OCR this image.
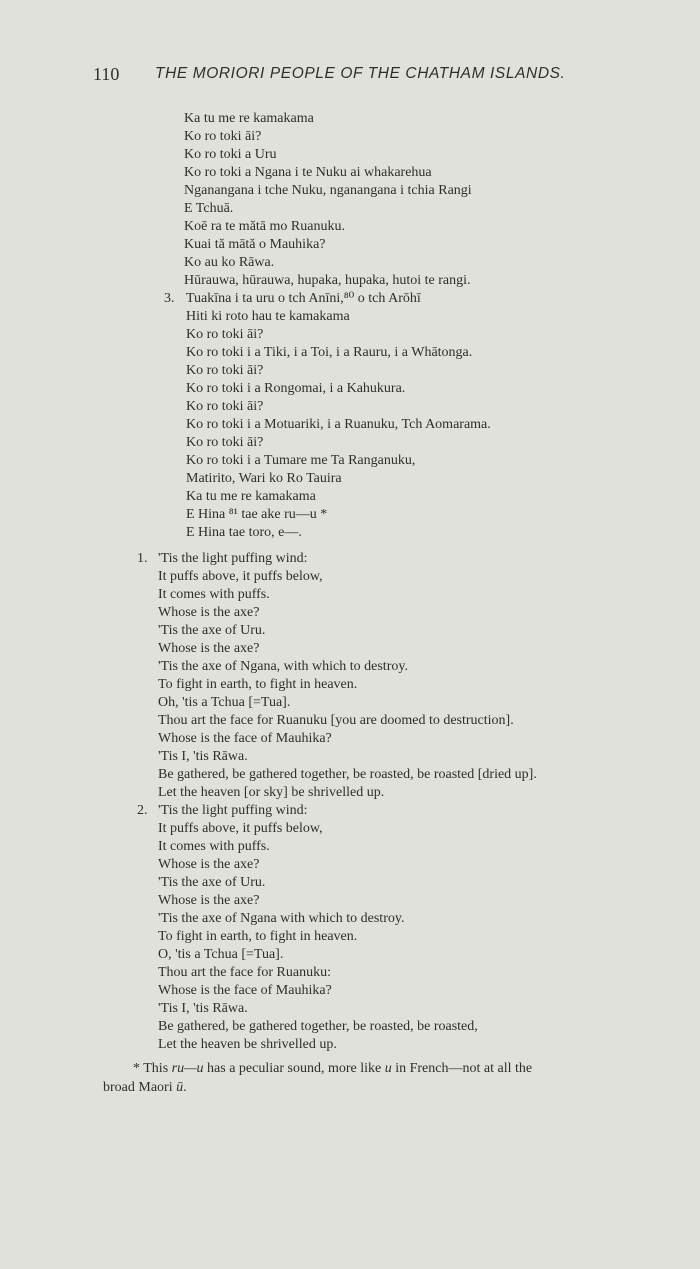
110 THE MORIORI PEOPLE OF THE CHATHAM ISLANDS.
Ka tu me re kamakama
Ko ro toki āi?
Ko ro toki a Uru
Ko ro toki a Ngana i te Nuku ai whakarehua
Nganangana i tche Nuku, nganangana i tchia Rangi
E Tchuā.
Koē ra te mătā mo Ruanuku.
Kuai tă mātă o Mauhika?
Ko au ko Rāwa.
Hūrauwa, hūrauwa, hupaka, hupaka, hutoi te rangi.
3. Tuakīna i ta uru o tch Anīni,⁸⁰ o tch Arōhī
Hiti ki roto hau te kamakama
Ko ro toki āi?
Ko ro toki i a Tiki, i a Toi, i a Rauru, i a Whātonga.
Ko ro toki āi?
Ko ro toki i a Rongomai, i a Kahukura.
Ko ro toki āi?
Ko ro toki i a Motuariki, i a Ruanuku, Tch Aomarama.
Ko ro toki āi?
Ko ro toki i a Tumare me Ta Ranganuku,
Matirito, Wari ko Ro Tauira
Ka tu me re kamakama
E Hina ⁸¹ tae ake ru—u *
E Hina tae toro, e—.
1. 'Tis the light puffing wind:
It puffs above, it puffs below,
It comes with puffs.
Whose is the axe?
'Tis the axe of Uru.
Whose is the axe?
'Tis the axe of Ngana, with which to destroy.
To fight in earth, to fight in heaven.
Oh, 'tis a Tchua [=Tua].
Thou art the face for Ruanuku [you are doomed to destruction].
Whose is the face of Mauhika?
'Tis I, 'tis Rāwa.
Be gathered, be gathered together, be roasted, be roasted [dried up].
Let the heaven [or sky] be shrivelled up.
2. 'Tis the light puffing wind:
It puffs above, it puffs below,
It comes with puffs.
Whose is the axe?
'Tis the axe of Uru.
Whose is the axe?
'Tis the axe of Ngana with which to destroy.
To fight in earth, to fight in heaven.
O, 'tis a Tchua [=Tua].
Thou art the face for Ruanuku:
Whose is the face of Mauhika?
'Tis I, 'tis Rāwa.
Be gathered, be gathered together, be roasted, be roasted,
Let the heaven be shrivelled up.
* This ru—u has a peculiar sound, more like u in French—not at all the
broad Maori ū.
